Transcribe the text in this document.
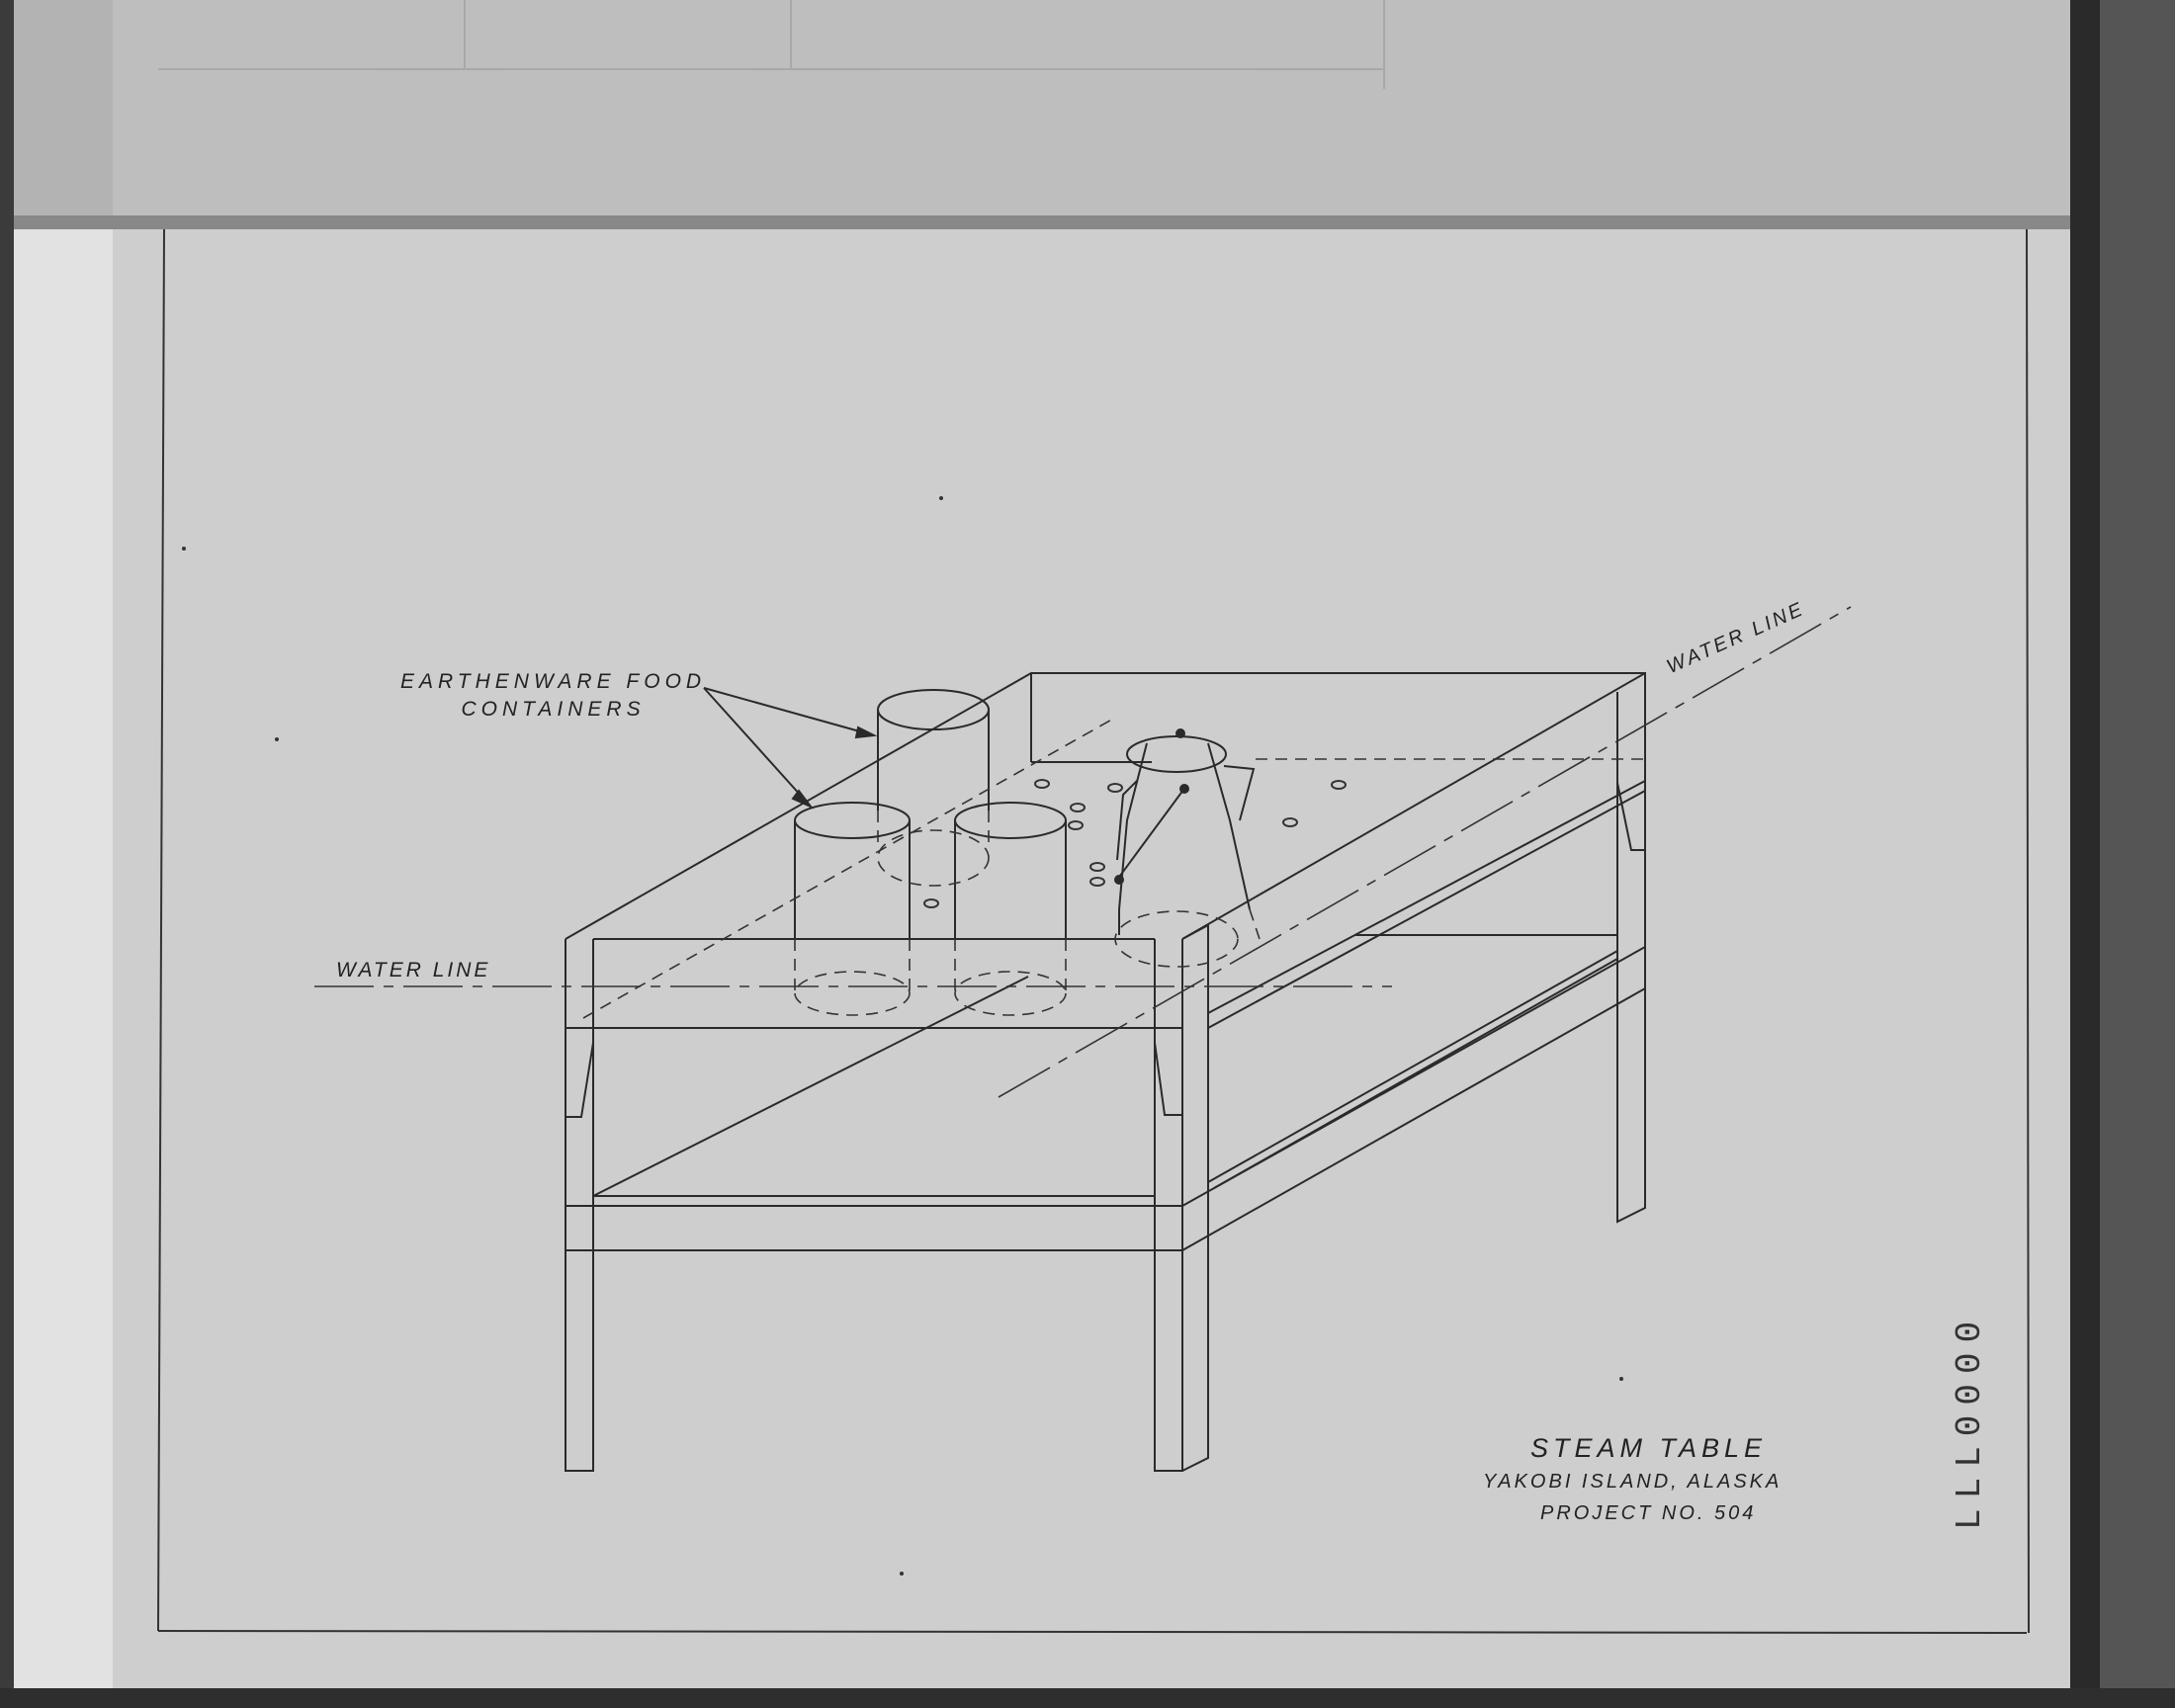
EARTHENWARE FOOD
CONTAINERS

WATER LINE

WATER LINE

STEAM TABLE

YAKOBI ISLAND, ALASKA

PROJECT NO. 504	LLL0000
